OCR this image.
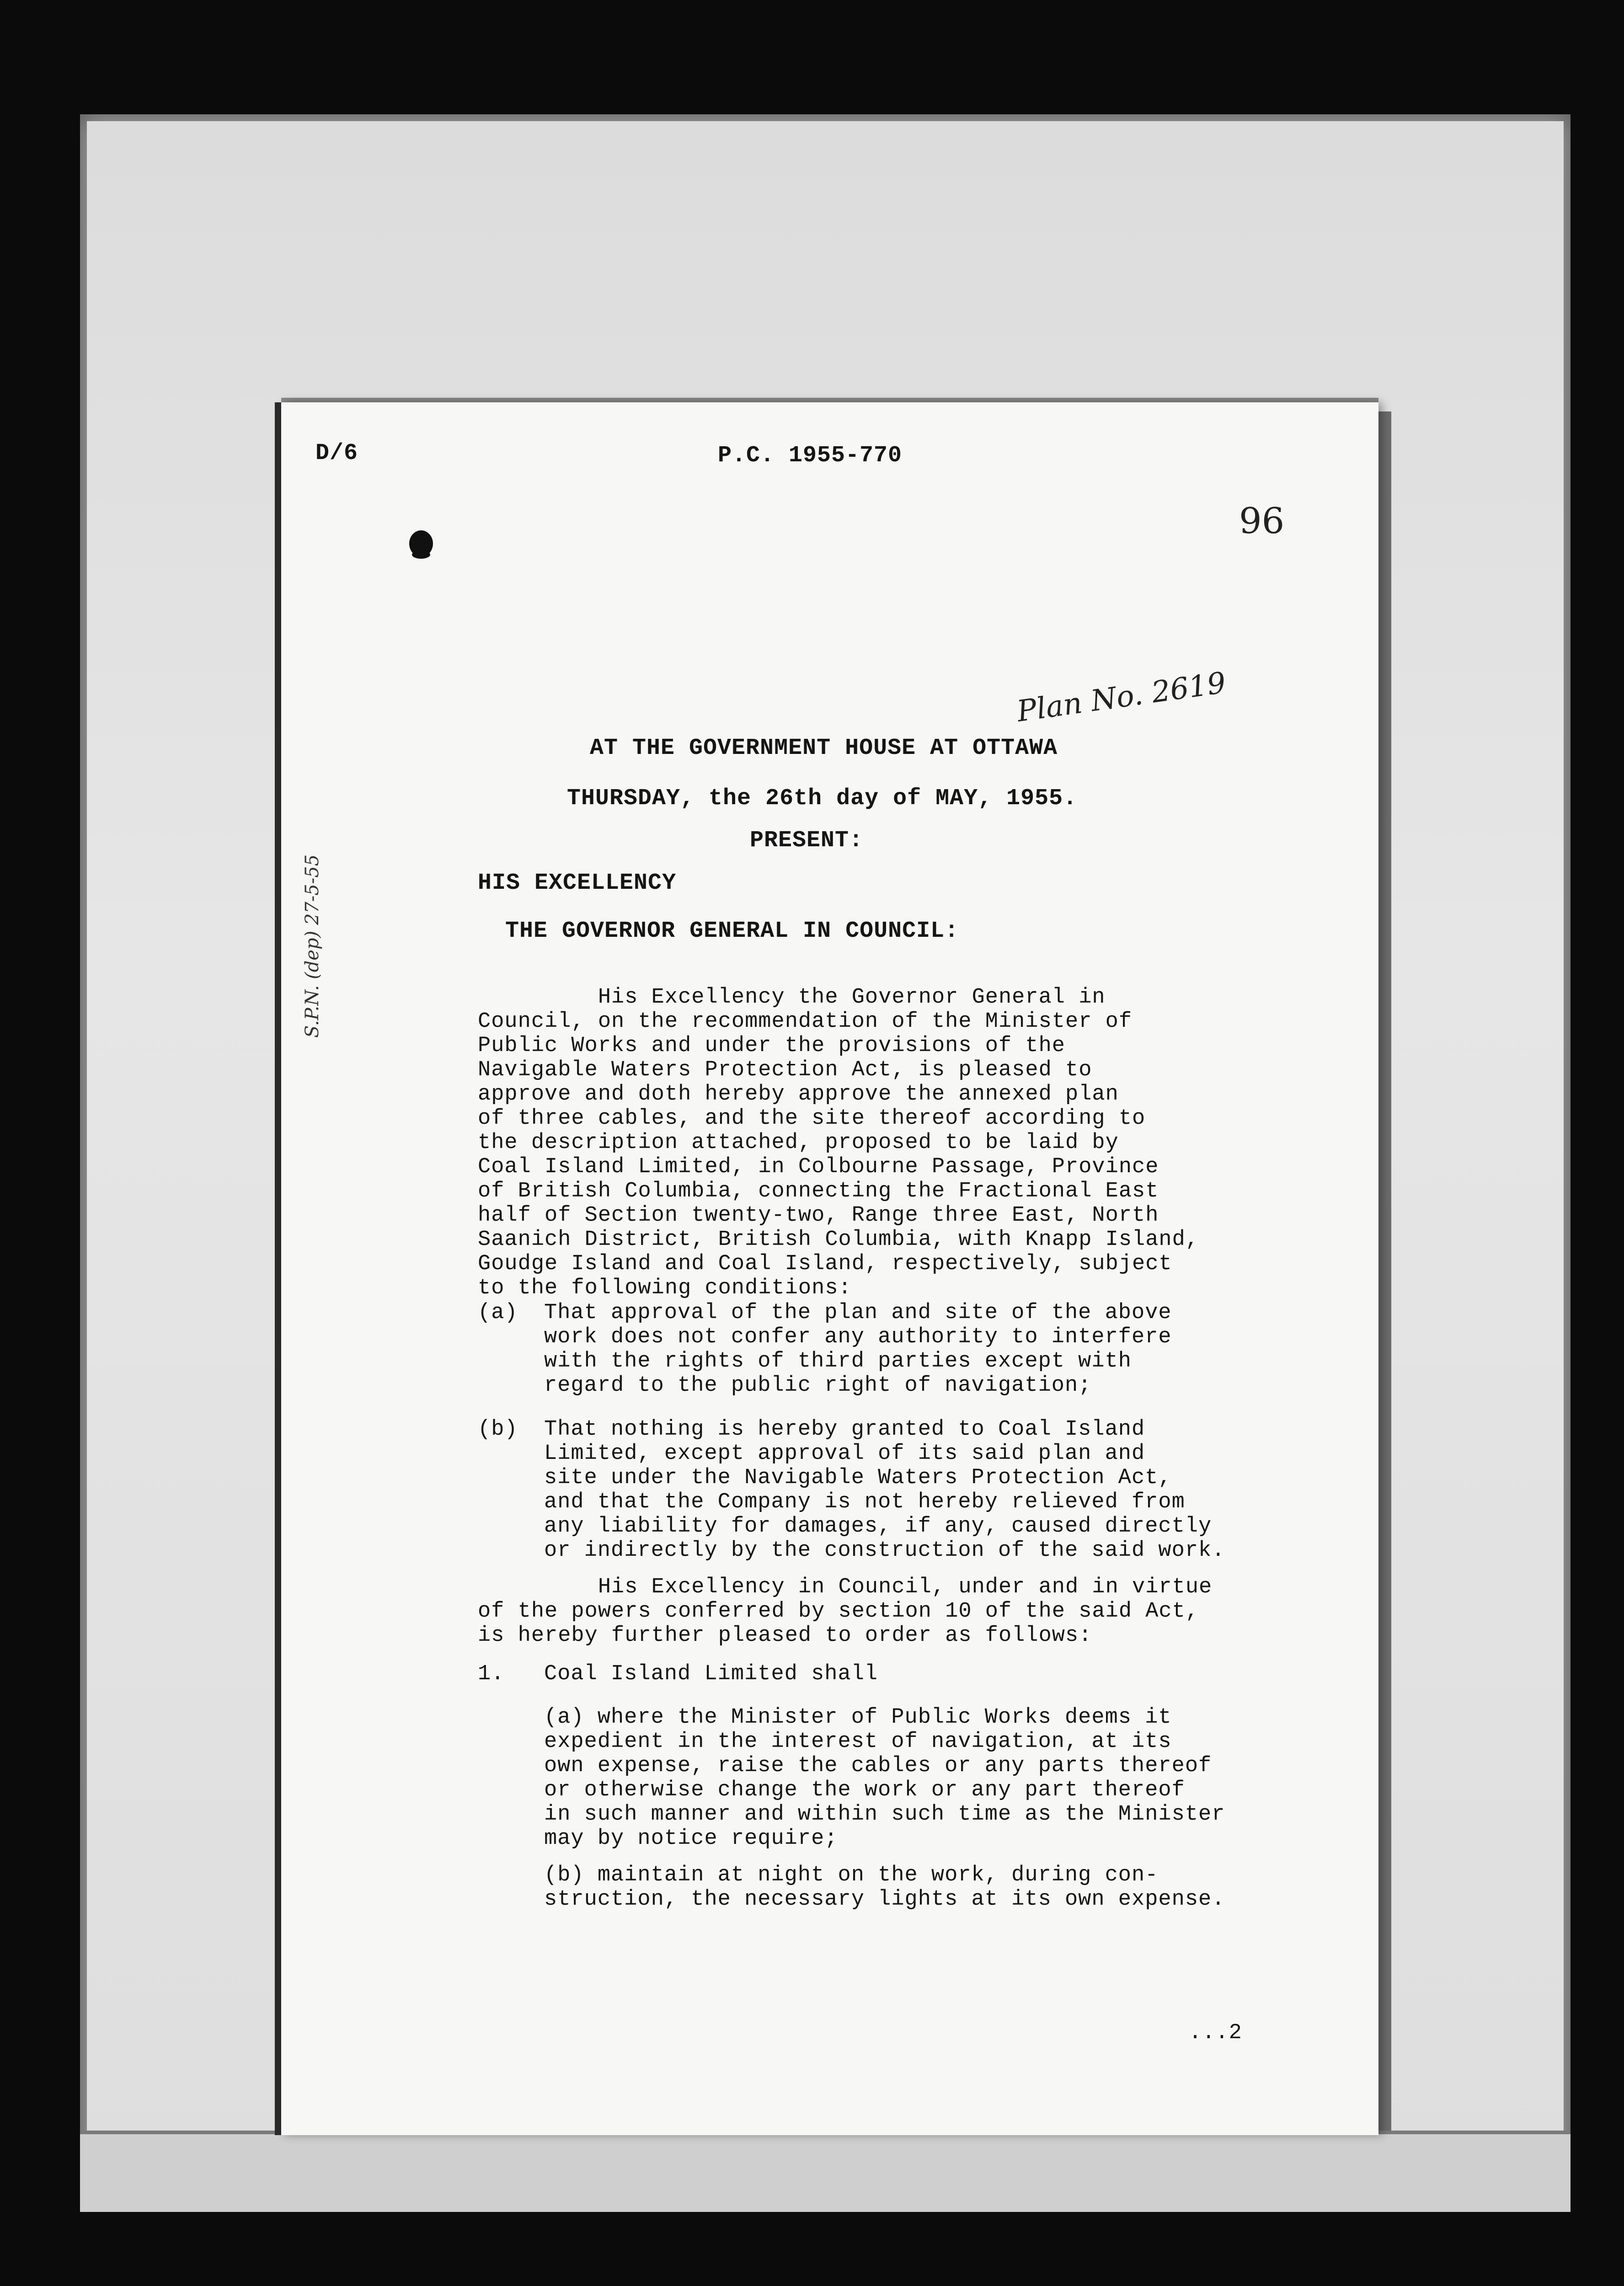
D/6	P.C. 1955-770
96
Plan No. 2619
S.P.N. (dep) 27-5-55
AT THE GOVERNMENT HOUSE AT OTTAWA
THURSDAY, the 26th day of MAY, 1955.
PRESENT:
HIS EXCELLENCY
THE GOVERNOR GENERAL IN COUNCIL:
His Excellency the Governor General in
Council, on the recommendation of the Minister of
Public Works and under the provisions of the
Navigable Waters Protection Act, is pleased to
approve and doth hereby approve the annexed plan
of three cables, and the site thereof according to
the description attached, proposed to be laid by
Coal Island Limited, in Colbourne Passage, Province
of British Columbia, connecting the Fractional East
half of Section twenty-two, Range three East, North
Saanich District, British Columbia, with Knapp Island,
Goudge Island and Coal Island, respectively, subject
to the following conditions:
(a) That approval of the plan and site of the above
work does not confer any authority to interfere
with the rights of third parties except with
regard to the public right of navigation;
(b) That nothing is hereby granted to Coal Island
Limited, except approval of its said plan and
site under the Navigable Waters Protection Act,
and that the Company is not hereby relieved from
any liability for damages, if any, caused directly
or indirectly by the construction of the said work.
His Excellency in Council, under and in virtue
of the powers conferred by section 10 of the said Act,
is hereby further pleased to order as follows:
1. Coal Island Limited shall
(a) where the Minister of Public Works deems it
expedient in the interest of navigation, at its
own expense, raise the cables or any parts thereof
or otherwise change the work or any part thereof
in such manner and within such time as the Minister
may by notice require;
(b) maintain at night on the work, during con-
struction, the necessary lights at its own expense.
...2
